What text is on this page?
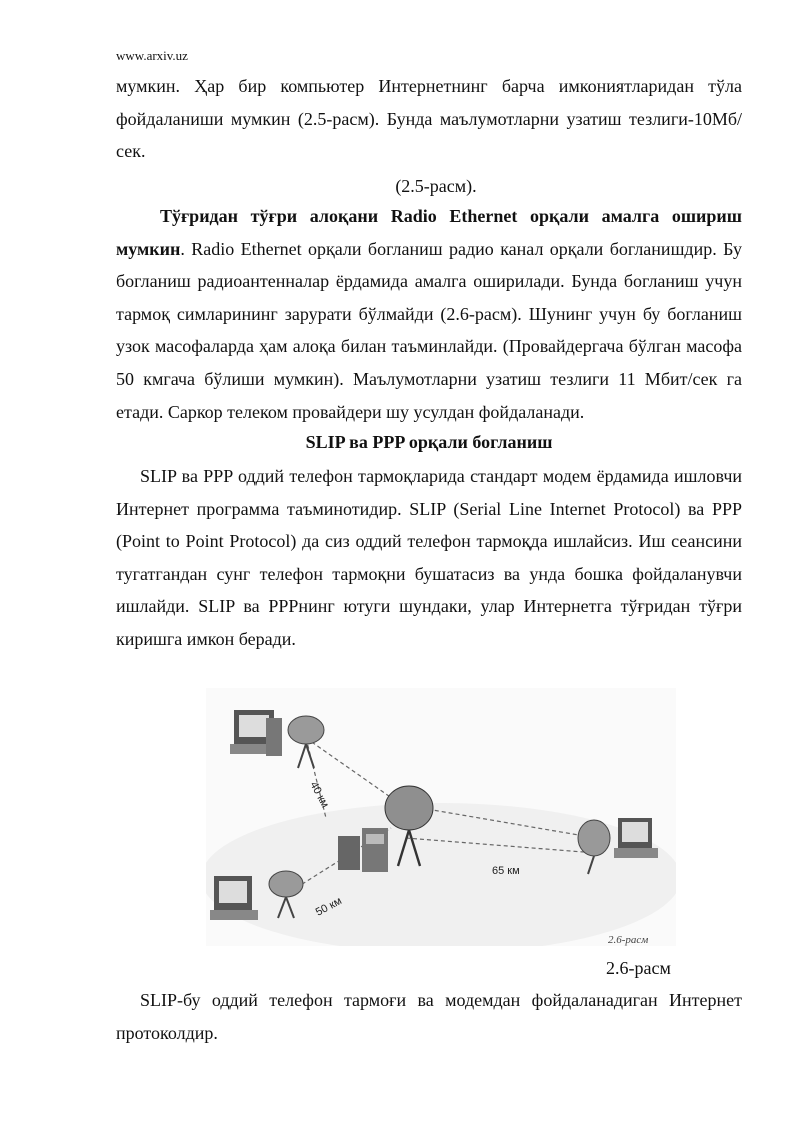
www.arxiv.uz

мумкин. Ҳар бир компьютер Интернетнинг барча имкониятларидан тўла фойдаланиши мумкин (2.5-расм). Бунда маълумотларни узатиш тезлиги-10Мб/сек.

(2.5-расм).

Тўғридан тўғри алоқани Radio Ethernet орқали амалга ошириш мумкин. Radio Ethernet орқали богланиш радио канал орқали богланишдир. Бу богланиш радиоантенналар ёрдамида амалга оширилади. Бунда богланиш учун тармоқ симларининг зарурати бўлмайди (2.6-расм). Шунинг учун бу богланиш узок масофаларда ҳам алоқа билан таъминлайди. (Провайдергача бўлган масофа 50 кмгача бўлиши мумкин). Маълумотларни узатиш тезлиги 11 Мбит/сек га етади. Саркор телеком провайдери шу усулдан фойдаланади.

SLIP ва PPP орқали богланиш

SLIP ва PPP оддий телефон тармоқларида стандарт модем ёрдамида ишловчи Интернет программа таъминотидир. SLIP (Serial Line Internet Protocol) ва PPP (Point to Point Protocol) да сиз оддий телефон тармоқда ишлайсиз. Иш сеансини тугатгандан сунг телефон тармоқни бушатасиз ва унда бошка фойдаланувчи ишлайди. SLIP ва PPPнинг ютуги шундаки, улар Интернетга тўғридан тўғри киришга имкон беради.

40 км
50 км
65 км
2.6-расм
2.6-расм

SLIP-бу оддий телефон тармоғи ва модемдан фойдаланадиган Интернет протоколдир.
